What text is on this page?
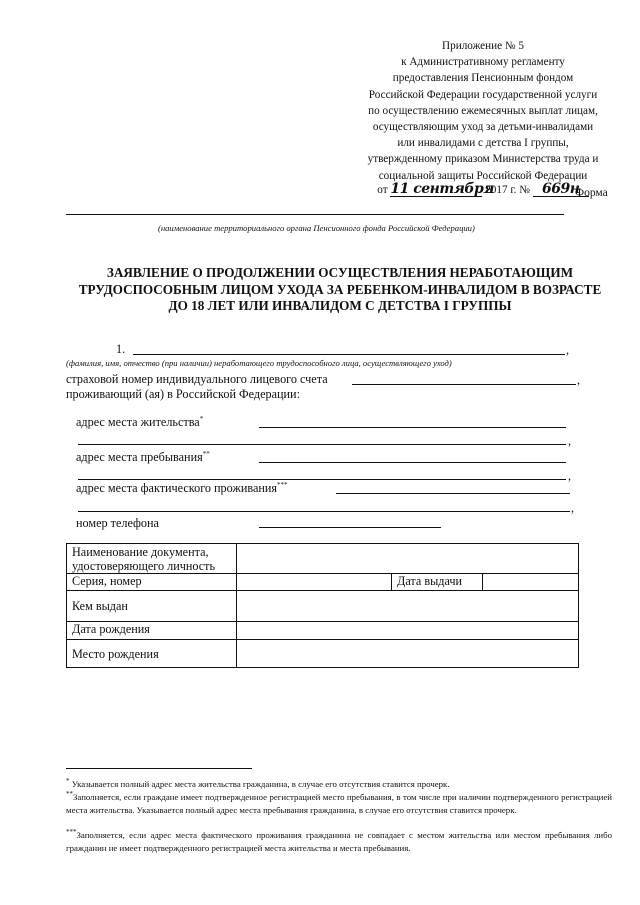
Приложение № 5
к Административному регламенту
предоставления Пенсионным фондом
Российской Федерации государственной услуги
по осуществлению ежемесячных выплат лицам,
осуществляющим уход за детьми-инвалидами
или инвалидами с детства I группы,
утвержденному приказом Министерства труда и
социальной защиты Российской Федерации
от 11 сентября 2017 г. № 669н
Форма
(наименование территориального органа Пенсионного фонда Российской Федерации)
ЗАЯВЛЕНИЕ О ПРОДОЛЖЕНИИ ОСУЩЕСТВЛЕНИЯ НЕРАБОТАЮЩИМ ТРУДОСПОСОБНЫМ ЛИЦОМ УХОДА ЗА РЕБЕНКОМ-ИНВАЛИДОМ В ВОЗРАСТЕ ДО 18 ЛЕТ ИЛИ ИНВАЛИДОМ С ДЕТСТВА I ГРУППЫ
1.	,
(фамилия, имя, отчество (при наличии) неработающего трудоспособного лица, осуществляющего уход)
страховой номер индивидуального лицевого счета	,
проживающий (ая) в Российской Федерации:
адрес места жительства*
,
адрес места пребывания**
,
адрес места фактического проживания***
,
номер телефона
Наименование документа, удостоверяющего личность			
Серия, номер		Дата выдачи	
Кем выдан			
Дата рождения			
Место рождения			
* Указывается полный адрес места жительства гражданина, в случае его отсутствия ставится прочерк.
**Заполняется, если граждане имеет подтвержденное регистрацией место пребывания, в том числе при наличии подтвержденного регистрацией места жительства. Указывается полный адрес места пребывания гражданина, в случае его отсутствия ставится прочерк.
***Заполняется, если адрес места фактического проживания гражданина не совпадает с местом жительства или местом пребывания либо гражданин не имеет подтвержденного регистрацией места жительства и места пребывания.
